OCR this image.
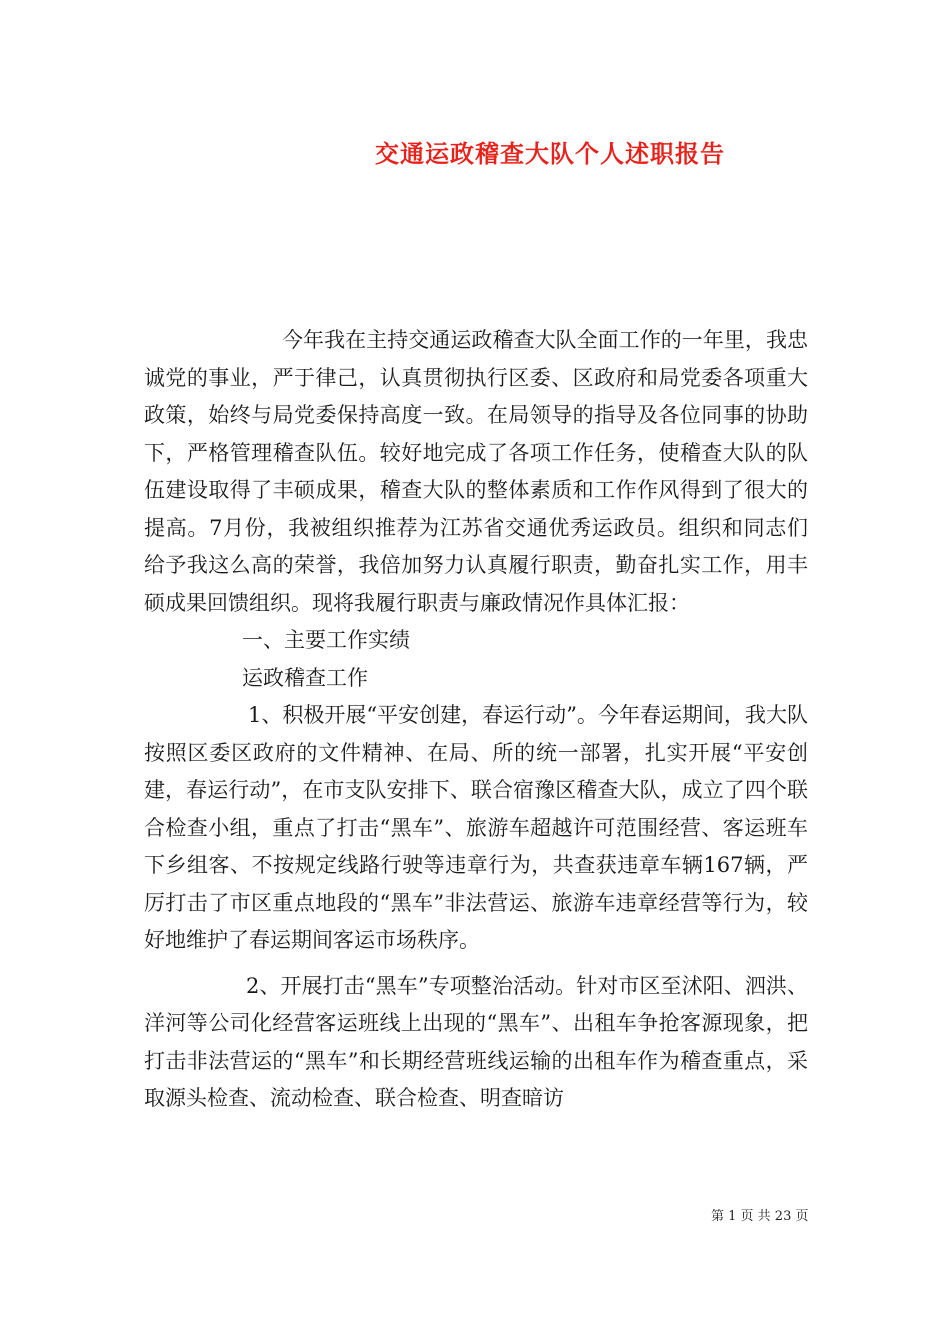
交通运政稽查大队个人述职报告

今年我在主持交通运政稽查大队全面工作的一年里，我忠诚党的事业，严于律己，认真贯彻执行区委、区政府和局党委各项重大政策，始终与局党委保持高度一致。在局领导的指导及各位同事的协助下，严格管理稽查队伍。较好地完成了各项工作任务，使稽查大队的队伍建设取得了丰硕成果，稽查大队的整体素质和工作作风得到了很大的提高。7月份，我被组织推荐为江苏省交通优秀运政员。组织和同志们给予我这么高的荣誉，我倍加努力认真履行职责，勤奋扎实工作，用丰硕成果回馈组织。现将我履行职责与廉政情况作具体汇报：

一、主要工作实绩

运政稽查工作

1、积极开展“平安创建，春运行动”。今年春运期间，我大队按照区委区政府的文件精神、在局、所的统一部署，扎实开展“平安创建，春运行动”，在市支队安排下、联合宿豫区稽查大队，成立了四个联合检查小组，重点了打击“黑车”、旅游车超越许可范围经营、客运班车下乡组客、不按规定线路行驶等违章行为，共查获违章车辆167辆，严厉打击了市区重点地段的“黑车”非法营运、旅游车违章经营等行为，较好地维护了春运期间客运市场秩序。

2、开展打击“黑车”专项整治活动。针对市区至沭阳、泗洪、洋河等公司化经营客运班线上出现的“黑车”、出租车争抢客源现象，把打击非法营运的“黑车”和长期经营班线运输的出租车作为稽查重点，采取源头检查、流动检查、联合检查、明查暗访

第 1 页 共 23 页
